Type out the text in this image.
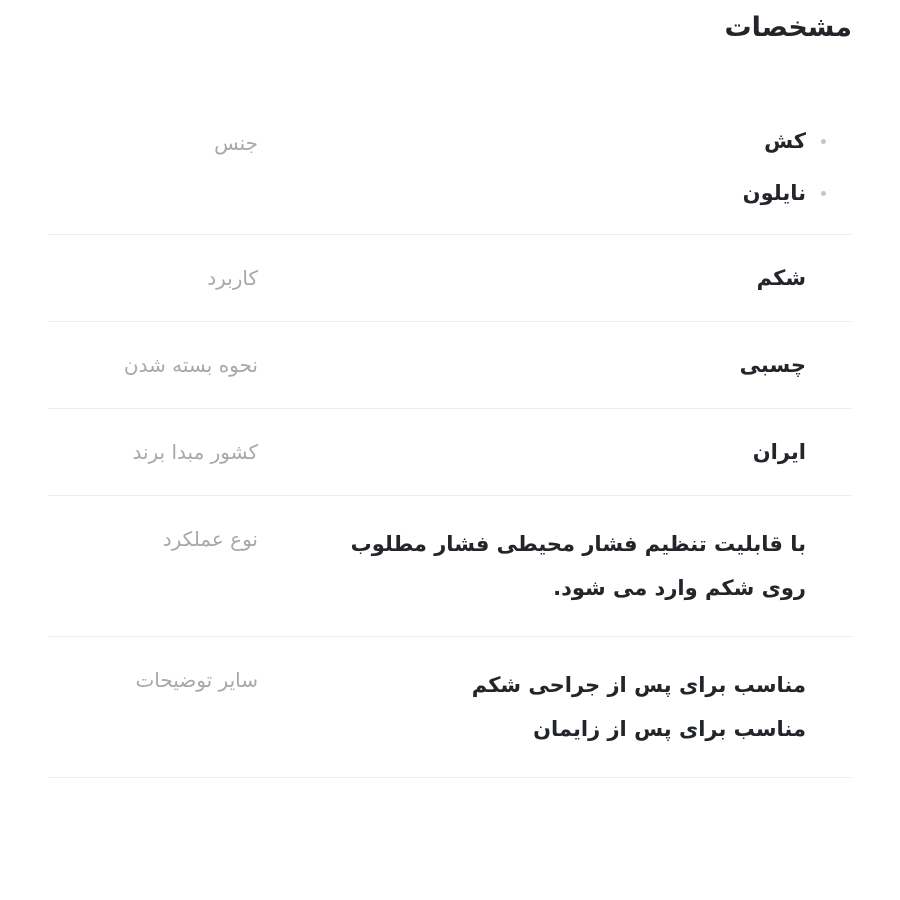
مشخصات
کش
نایلون
جنس
شکم
کاربرد
چسبی
نحوه بسته شدن
ایران
کشور مبدا برند
با قابلیت تنظیم فشار محیطی فشار مطلوب
روی شکم وارد می شود.
نوع عملکرد
مناسب برای پس از جراحی شکم
مناسب برای پس از زایمان
سایر توضیحات
